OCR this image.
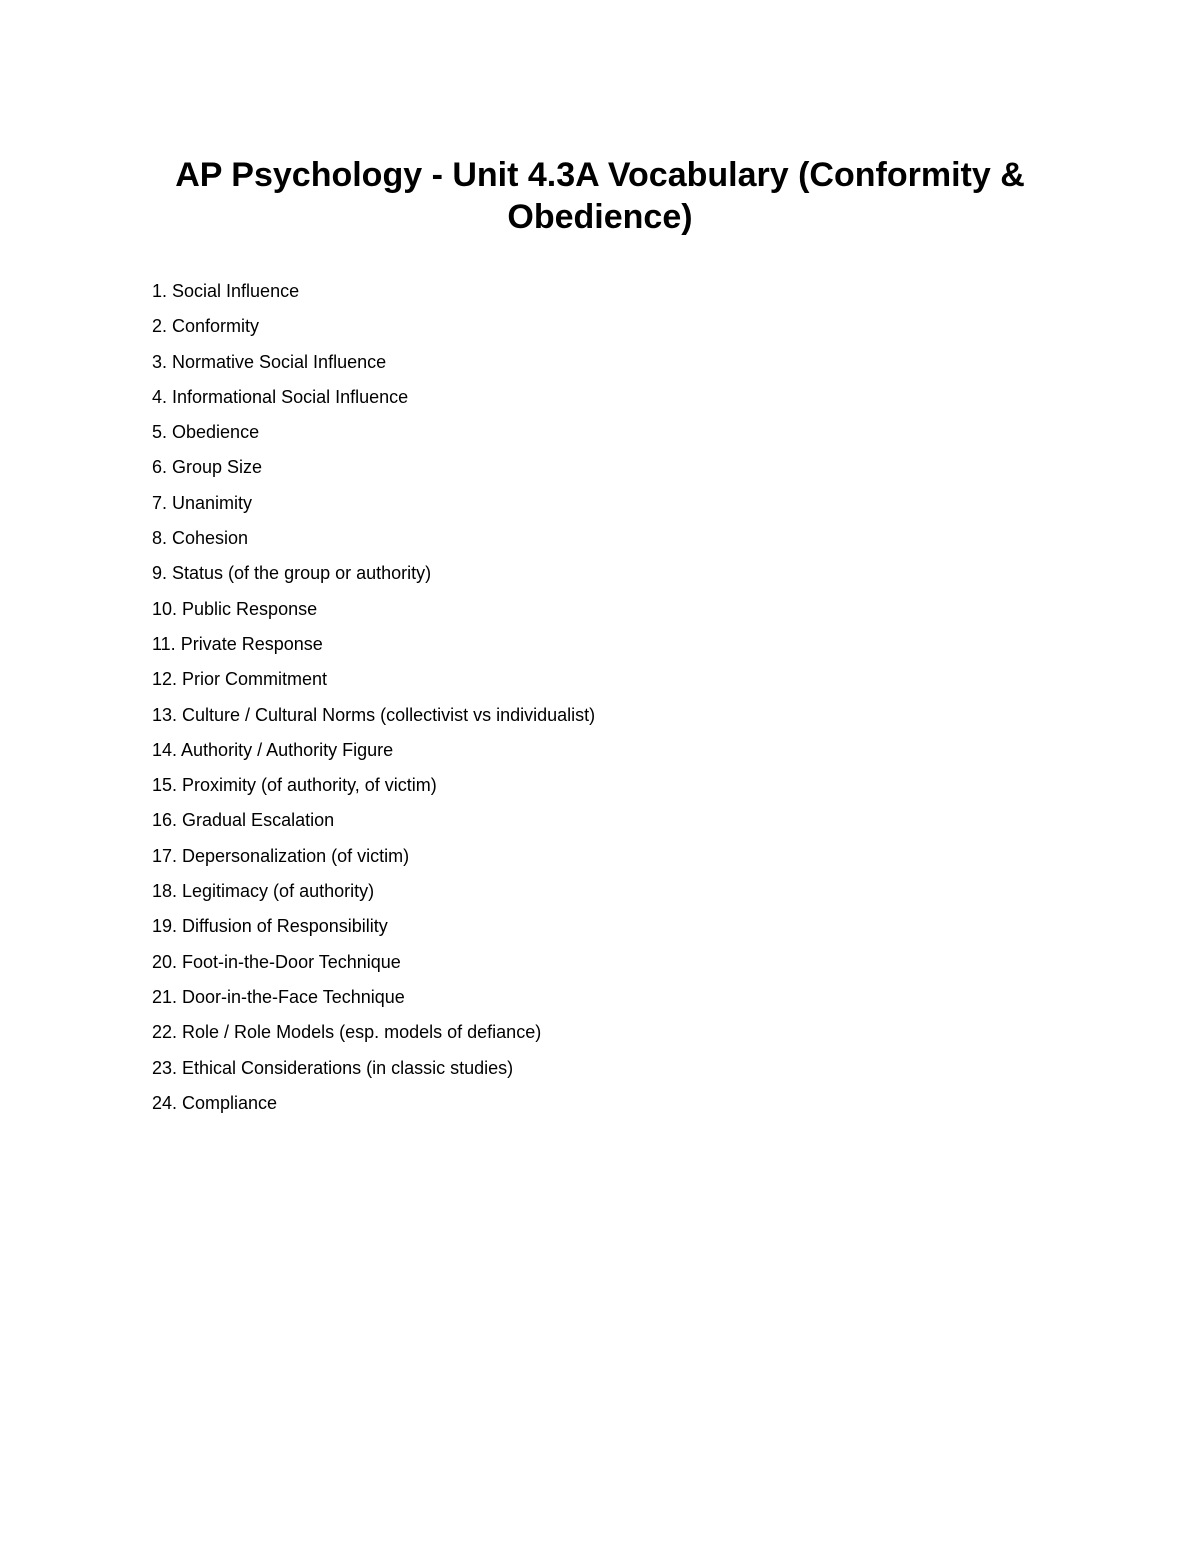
AP Psychology - Unit 4.3A Vocabulary (Conformity & Obedience)
1. Social Influence
2. Conformity
3. Normative Social Influence
4. Informational Social Influence
5. Obedience
6. Group Size
7. Unanimity
8. Cohesion
9. Status (of the group or authority)
10. Public Response
11. Private Response
12. Prior Commitment
13. Culture / Cultural Norms (collectivist vs individualist)
14. Authority / Authority Figure
15. Proximity (of authority, of victim)
16. Gradual Escalation
17. Depersonalization (of victim)
18. Legitimacy (of authority)
19. Diffusion of Responsibility
20. Foot-in-the-Door Technique
21. Door-in-the-Face Technique
22. Role / Role Models (esp. models of defiance)
23. Ethical Considerations (in classic studies)
24. Compliance
